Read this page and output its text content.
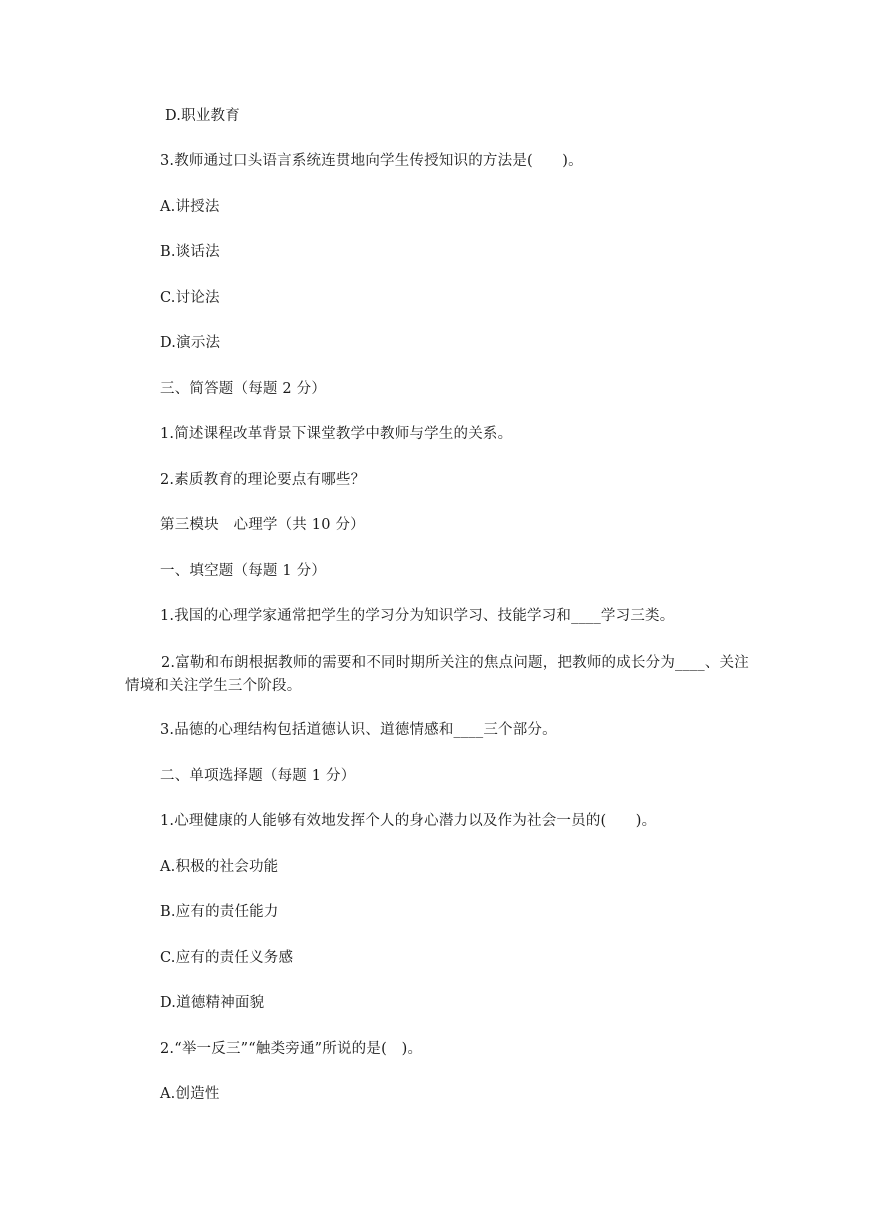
D.职业教育
3.教师通过口头语言系统连贯地向学生传授知识的方法是(　　)。
A.讲授法
B.谈话法
C.讨论法
D.演示法
三、简答题（每题 2 分）
1.简述课程改革背景下课堂教学中教师与学生的关系。
2.素质教育的理论要点有哪些？
第三模块　心理学（共 10 分）
一、填空题（每题 1 分）
1.我国的心理学家通常把学生的学习分为知识学习、技能学习和____学习三类。
2.富勒和布朗根据教师的需要和不同时期所关注的焦点问题，把教师的成长分为____、关注情境和关注学生三个阶段。
3.品德的心理结构包括道德认识、道德情感和____三个部分。
二、单项选择题（每题 1 分）
1.心理健康的人能够有效地发挥个人的身心潜力以及作为社会一员的(　　)。
A.积极的社会功能
B.应有的责任能力
C.应有的责任义务感
D.道德精神面貌
2.“举一反三”“触类旁通”所说的是(　)。
A.创造性
